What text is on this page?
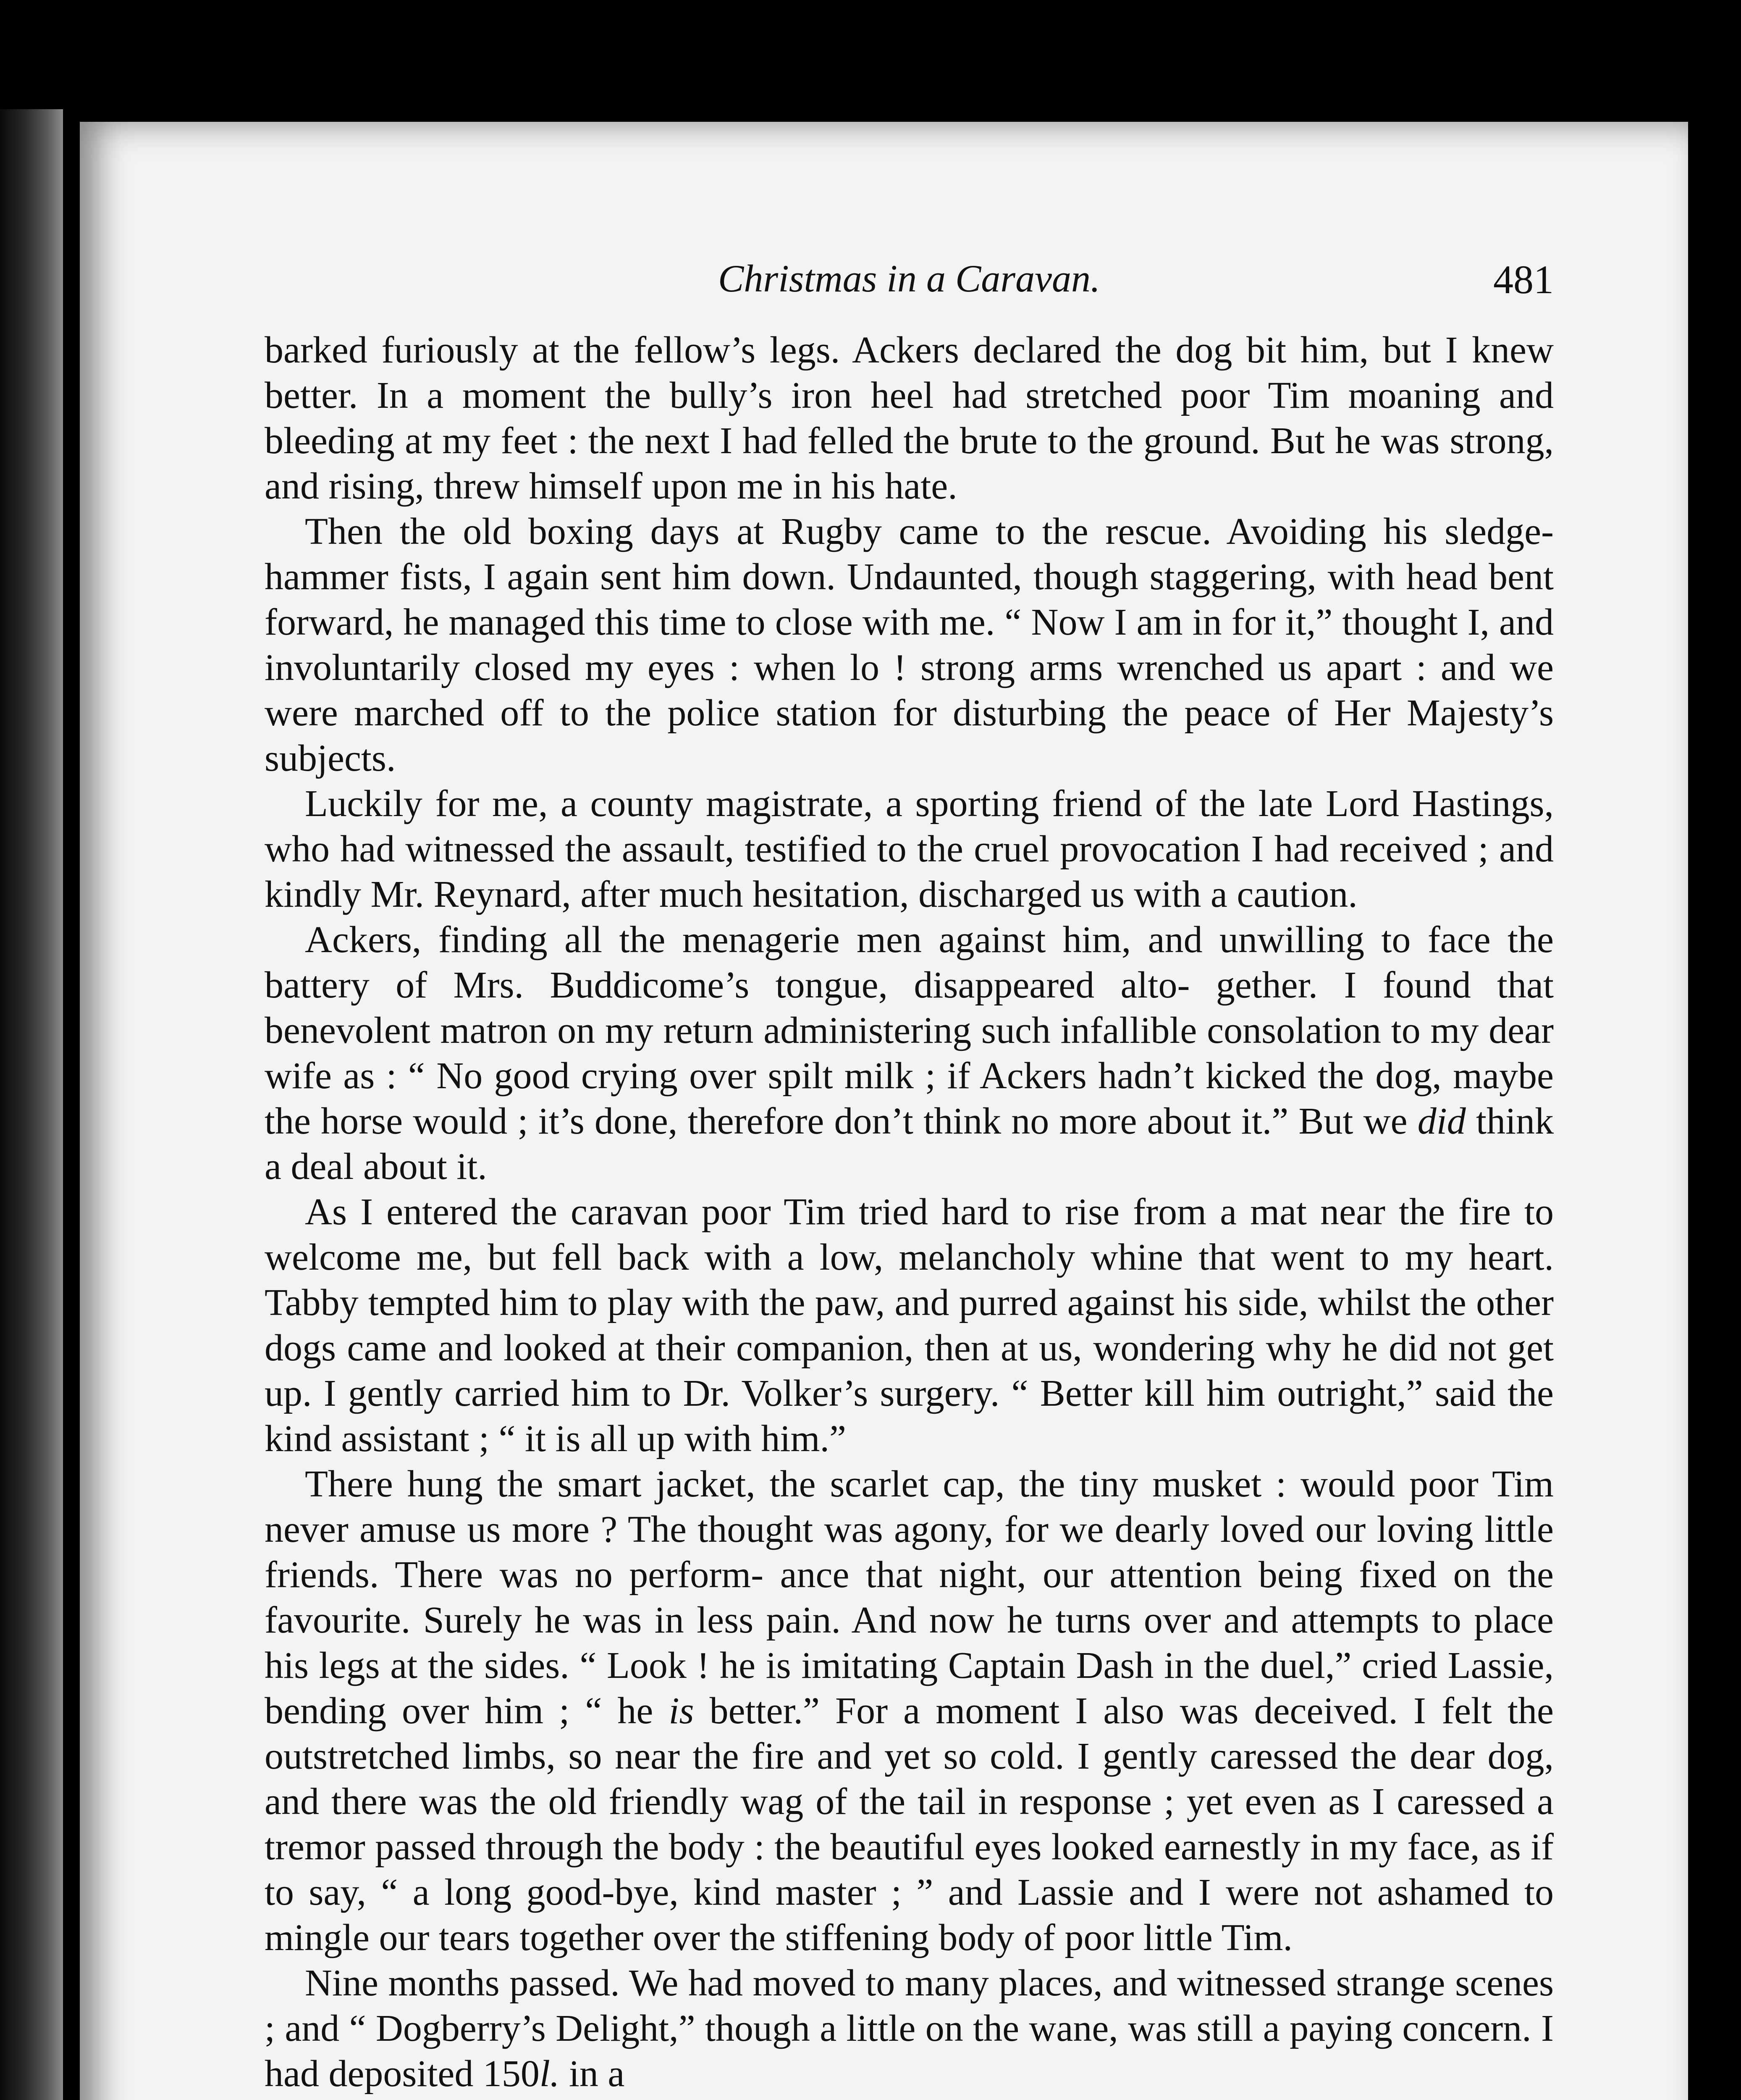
Christmas in a Caravan.	481

barked furiously at the fellow’s legs. Ackers declared the dog bit him, but I knew better. In a moment the bully’s iron heel had stretched poor Tim moaning and bleeding at my feet : the next I had felled the brute to the ground. But he was strong, and rising, threw himself upon me in his hate.

Then the old boxing days at Rugby came to the rescue. Avoiding his sledge-hammer fists, I again sent him down. Undaunted, though staggering, with head bent forward, he managed this time to close with me. “ Now I am in for it,” thought I, and involuntarily closed my eyes : when lo ! strong arms wrenched us apart : and we were marched off to the police station for disturbing the peace of Her Majesty’s subjects.

Luckily for me, a county magistrate, a sporting friend of the late Lord Hastings, who had witnessed the assault, testified to the cruel provocation I had received ; and kindly Mr. Reynard, after much hesitation, discharged us with a caution.

Ackers, finding all the menagerie men against him, and unwilling to face the battery of Mrs. Buddicome’s tongue, disappeared alto- gether. I found that benevolent matron on my return administering such infallible consolation to my dear wife as : “ No good crying over spilt milk ; if Ackers hadn’t kicked the dog, maybe the horse would ; it’s done, therefore don’t think no more about it.” But we did think a deal about it.

As I entered the caravan poor Tim tried hard to rise from a mat near the fire to welcome me, but fell back with a low, melancholy whine that went to my heart. Tabby tempted him to play with the paw, and purred against his side, whilst the other dogs came and looked at their companion, then at us, wondering why he did not get up. I gently carried him to Dr. Volker’s surgery. “ Better kill him outright,” said the kind assistant ; “ it is all up with him.”

There hung the smart jacket, the scarlet cap, the tiny musket : would poor Tim never amuse us more ? The thought was agony, for we dearly loved our loving little friends. There was no perform- ance that night, our attention being fixed on the favourite. Surely he was in less pain. And now he turns over and attempts to place his legs at the sides. “ Look ! he is imitating Captain Dash in the duel,” cried Lassie, bending over him ; “ he is better.” For a moment I also was deceived. I felt the outstretched limbs, so near the fire and yet so cold. I gently caressed the dear dog, and there was the old friendly wag of the tail in response ; yet even as I caressed a tremor passed through the body : the beautiful eyes looked earnestly in my face, as if to say, “ a long good-bye, kind master ; ” and Lassie and I were not ashamed to mingle our tears together over the stiffening body of poor little Tim.

Nine months passed. We had moved to many places, and witnessed strange scenes ; and “ Dogberry’s Delight,” though a little on the wane, was still a paying concern. I had deposited 150l. in a
